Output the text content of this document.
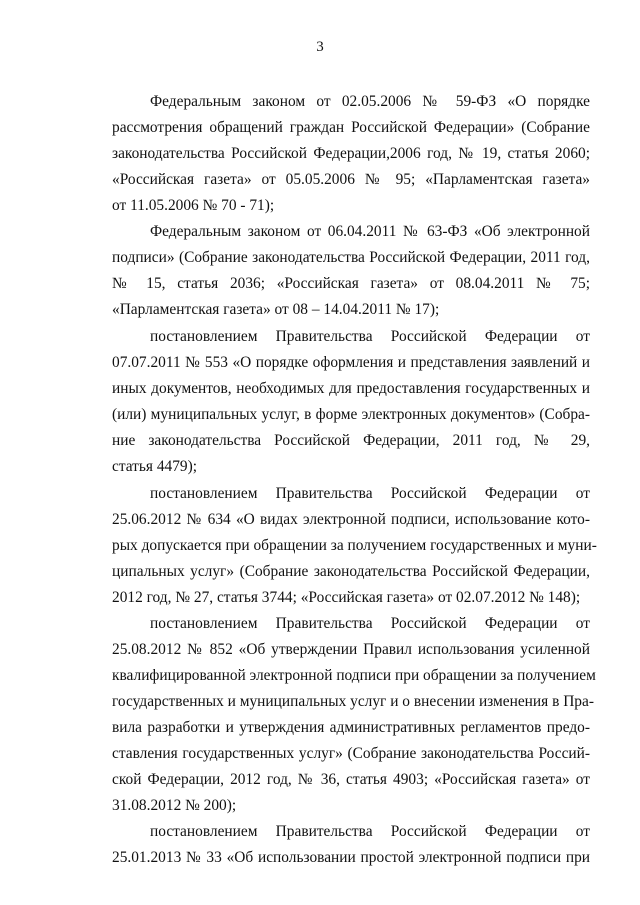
3
Федеральным законом от 02.05.2006 № 59-ФЗ «О порядке
рассмотрения обращений граждан Российской Федерации» (Собрание
законодательства Российской Федерации,2006 год, № 19, статья 2060;
«Российская газета» от 05.05.2006 № 95; «Парламентская газета»
от 11.05.2006 № 70 - 71);
Федеральным законом от 06.04.2011 № 63-ФЗ «Об электронной
подписи» (Собрание законодательства Российской Федерации, 2011 год,
№ 15, статья 2036; «Российская газета» от 08.04.2011 № 75;
«Парламентская газета» от 08 – 14.04.2011 № 17);
постановлением Правительства Российской Федерации от
07.07.2011 № 553 «О порядке оформления и представления заявлений и
иных документов, необходимых для предоставления государственных и
(или) муниципальных услуг, в форме электронных документов» (Собра-
ние законодательства Российской Федерации, 2011 год, № 29,
статья 4479);
постановлением Правительства Российской Федерации от
25.06.2012 № 634 «О видах электронной подписи, использование кото-
рых допускается при обращении за получением государственных и муни-
ципальных услуг» (Собрание законодательства Российской Федерации,
2012 год, № 27, статья 3744; «Российская газета» от 02.07.2012 № 148);
постановлением Правительства Российской Федерации от
25.08.2012 № 852 «Об утверждении Правил использования усиленной
квалифицированной электронной подписи при обращении за получением
государственных и муниципальных услуг и о внесении изменения в Пра-
вила разработки и утверждения административных регламентов предо-
ставления государственных услуг» (Собрание законодательства Россий-
ской Федерации, 2012 год, № 36, статья 4903; «Российская газета» от
31.08.2012 № 200);
постановлением Правительства Российской Федерации от
25.01.2013 № 33 «Об использовании простой электронной подписи при
